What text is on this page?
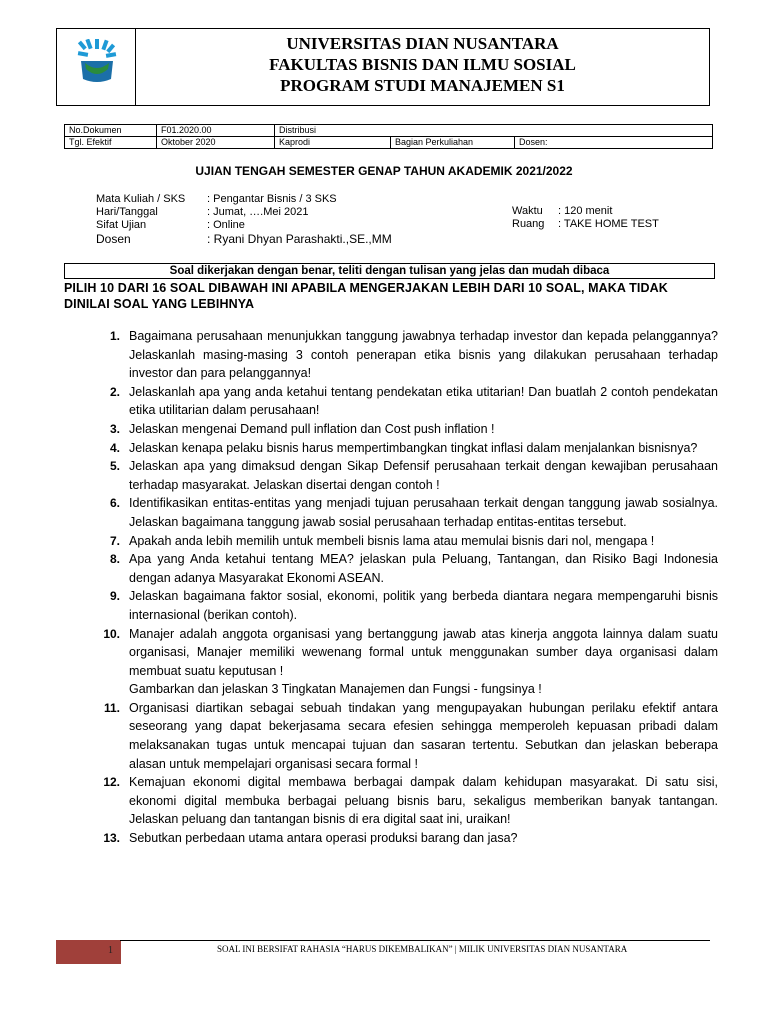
UNIVERSITAS DIAN NUSANTARA
FAKULTAS BISNIS DAN ILMU SOSIAL
PROGRAM STUDI MANAJEMEN S1
No.Dokumen	F01.2020.00	Distribusi		
Tgl. Efektif	Oktober 2020	Kaprodi	Bagian Perkuliahan	Dosen:
UJIAN TENGAH SEMESTER GENAP TAHUN AKADEMIK 2021/2022
Mata Kuliah / SKS : Pengantar Bisnis / 3 SKS
Hari/Tanggal	: Jumat, ….Mei 2021
Sifat Ujian	: Online
Dosen	: Ryani Dhyan Parashakti.,SE.,MM
Waktu : 120 menit
Ruang : TAKE HOME TEST
Soal dikerjakan dengan benar, teliti dengan tulisan yang jelas dan mudah dibaca
PILIH 10 DARI 16 SOAL DIBAWAH INI APABILA MENGERJAKAN LEBIH DARI 10 SOAL, MAKA TIDAK DINILAI SOAL YANG LEBIHNYA
1. Bagaimana perusahaan menunjukkan tanggung jawabnya terhadap investor dan kepada pelanggannya? Jelaskanlah masing-masing 3 contoh penerapan etika bisnis yang dilakukan perusahaan terhadap investor dan para pelanggannya!
2. Jelaskanlah apa yang anda ketahui tentang pendekatan etika utitarian! Dan buatlah 2 contoh pendekatan etika utilitarian dalam perusahaan!
3. Jelaskan mengenai Demand pull inflation dan Cost push inflation !
4. Jelaskan kenapa pelaku bisnis harus mempertimbangkan tingkat inflasi dalam menjalankan bisnisnya?
5. Jelaskan apa yang dimaksud dengan Sikap Defensif perusahaan terkait dengan kewajiban perusahaan terhadap masyarakat. Jelaskan disertai dengan contoh !
6. Identifikasikan entitas-entitas yang menjadi tujuan perusahaan terkait dengan tanggung jawab sosialnya. Jelaskan bagaimana tanggung jawab sosial perusahaan terhadap entitas-entitas tersebut.
7. Apakah anda lebih memilih untuk membeli bisnis lama atau memulai bisnis dari nol, mengapa !
8. Apa yang Anda ketahui tentang MEA? jelaskan pula Peluang, Tantangan, dan Risiko Bagi Indonesia dengan adanya Masyarakat Ekonomi ASEAN.
9. Jelaskan bagaimana faktor sosial, ekonomi, politik yang berbeda diantara negara mempengaruhi bisnis internasional (berikan contoh).
10. Manajer adalah anggota organisasi yang bertanggung jawab atas kinerja anggota lainnya dalam suatu organisasi, Manajer memiliki wewenang formal untuk menggunakan sumber daya organisasi dalam membuat suatu keputusan !
Gambarkan dan jelaskan 3 Tingkatan Manajemen dan Fungsi - fungsinya !
11. Organisasi diartikan sebagai sebuah tindakan yang mengupayakan hubungan perilaku efektif antara seseorang yang dapat bekerjasama secara efesien sehingga memperoleh kepuasan pribadi dalam melaksanakan tugas untuk mencapai tujuan dan sasaran tertentu. Sebutkan dan jelaskan beberapa alasan untuk mempelajari organisasi secara formal !
12. Kemajuan ekonomi digital membawa berbagai dampak dalam kehidupan masyarakat. Di satu sisi, ekonomi digital membuka berbagai peluang bisnis baru, sekaligus memberikan banyak tantangan. Jelaskan peluang dan tantangan bisnis di era digital saat ini, uraikan!
13. Sebutkan perbedaan utama antara operasi produksi barang dan jasa?
1	SOAL INI BERSIFAT RAHASIA “HARUS DIKEMBALIKAN” | MILIK UNIVERSITAS DIAN NUSANTARA
